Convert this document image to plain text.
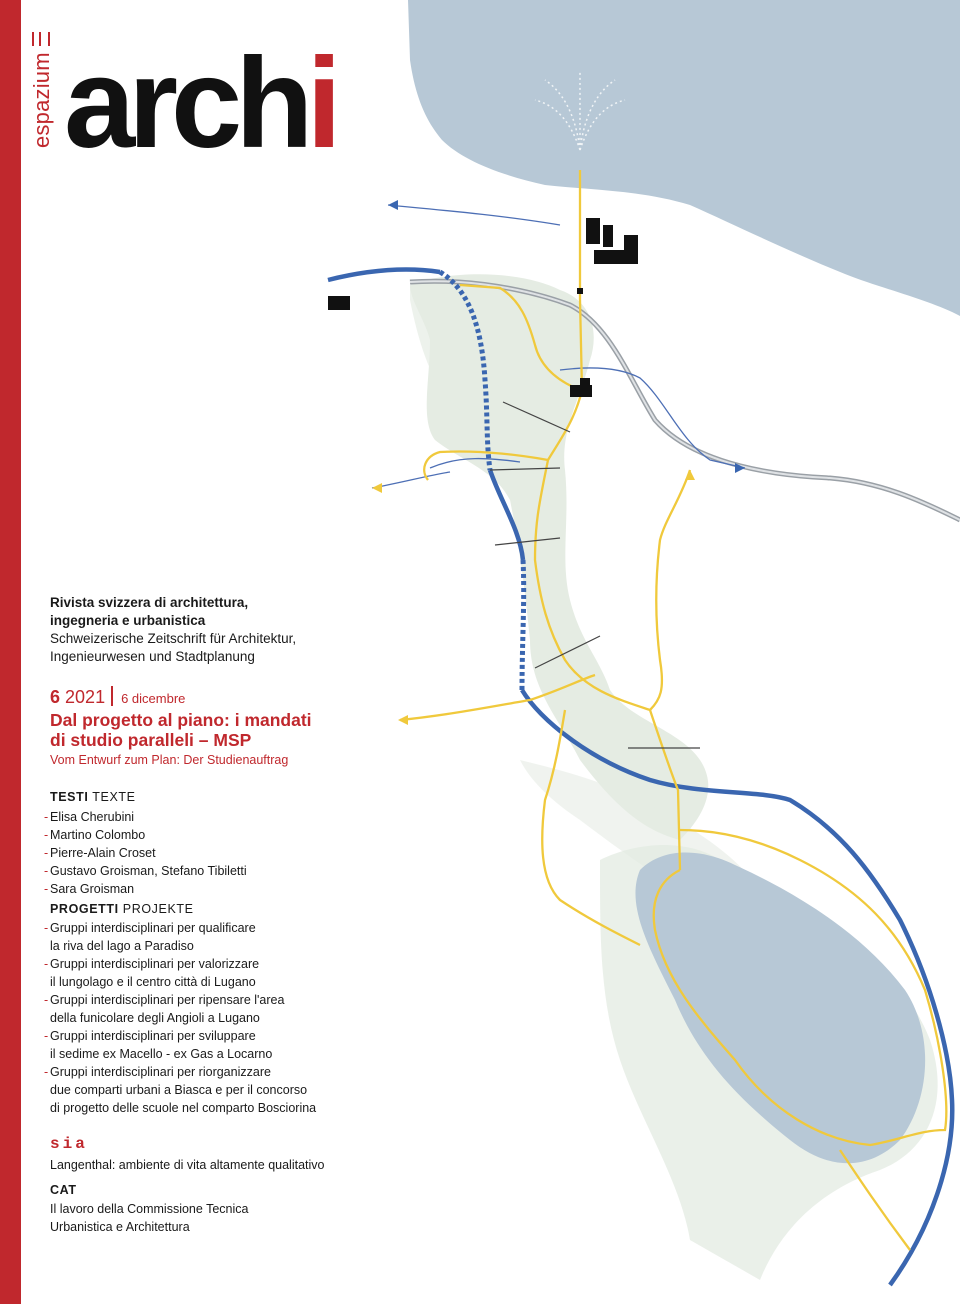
espazium archi
Rivista svizzera di architettura,
ingegneria e urbanistica
Schweizerische Zeitschrift für Architektur,
Ingenieurwesen und Stadtplanung
6 2021 6 dicembre
Dal progetto al piano: i mandati
di studio paralleli – MSP
Vom Entwurf zum Plan: Der Studienauftrag
TESTI TEXTE
- Elisa Cherubini
- Martino Colombo
- Pierre-Alain Croset
- Gustavo Groisman, Stefano Tibiletti
- Sara Groisman
PROGETTI PROJEKTE
- Gruppi interdisciplinari per qualificare
la riva del lago a Paradiso
- Gruppi interdisciplinari per valorizzare
il lungolago e il centro città di Lugano
- Gruppi interdisciplinari per ripensare l'area
della funicolare degli Angioli a Lugano
- Gruppi interdisciplinari per sviluppare
il sedime ex Macello - ex Gas a Locarno
- Gruppi interdisciplinari per riorganizzare
due comparti urbani a Biasca e per il concorso
di progetto delle scuole nel comparto Bosciorina
sia
Langenthal: ambiente di vita altamente qualitativo
CAT
Il lavoro della Commissione Tecnica
Urbanistica e Architettura
